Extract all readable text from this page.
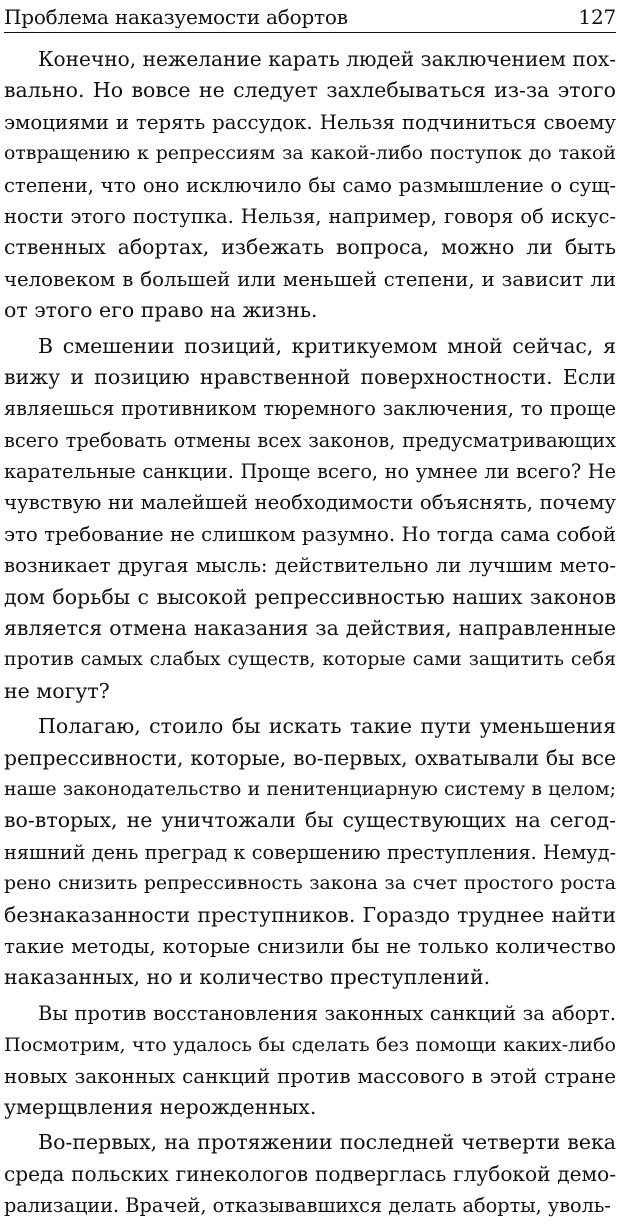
Проблема наказуемости абортов	127
Конечно, нежелание карать людей заключением пох-
вально. Но вовсе не следует захлебываться из-за этого
эмоциями и терять рассудок. Нельзя подчиниться своему
отвращению к репрессиям за какой-либо поступок до такой
степени, что оно исключило бы само размышление о сущ-
ности этого поступка. Нельзя, например, говоря об искус-
ственных абортах, избежать вопроса, можно ли быть
человеком в большей или меньшей степени, и зависит ли
от этого его право на жизнь.
В смешении позиций, критикуемом мной сейчас, я
вижу и позицию нравственной поверхностности. Если
являешься противником тюремного заключения, то проще
всего требовать отмены всех законов, предусматривающих
карательные санкции. Проще всего, но умнее ли всего? Не
чувствую ни малейшей необходимости объяснять, почему
это требование не слишком разумно. Но тогда сама собой
возникает другая мысль: действительно ли лучшим мето-
дом борьбы с высокой репрессивностью наших законов
является отмена наказания за действия, направленные
против самых слабых существ, которые сами защитить себя
не могут?
Полагаю, стоило бы искать такие пути уменьшения
репрессивности, которые, во-первых, охватывали бы все
наше законодательство и пенитенциарную систему в целом;
во-вторых, не уничтожали бы существующих на сегод-
няшний день преград к совершению преступления. Немуд-
рено снизить репрессивность закона за счет простого роста
безнаказанности преступников. Гораздо труднее найти
такие методы, которые снизили бы не только количество
наказанных, но и количество преступлений.
Вы против восстановления законных санкций за аборт.
Посмотрим, что удалось бы сделать без помощи каких-либо
новых законных санкций против массового в этой стране
умерщвления нерожденных.
Во-первых, на протяжении последней четверти века
среда польских гинекологов подверглась глубокой демо-
рализации. Врачей, отказывавшихся делать аборты, уволь-
